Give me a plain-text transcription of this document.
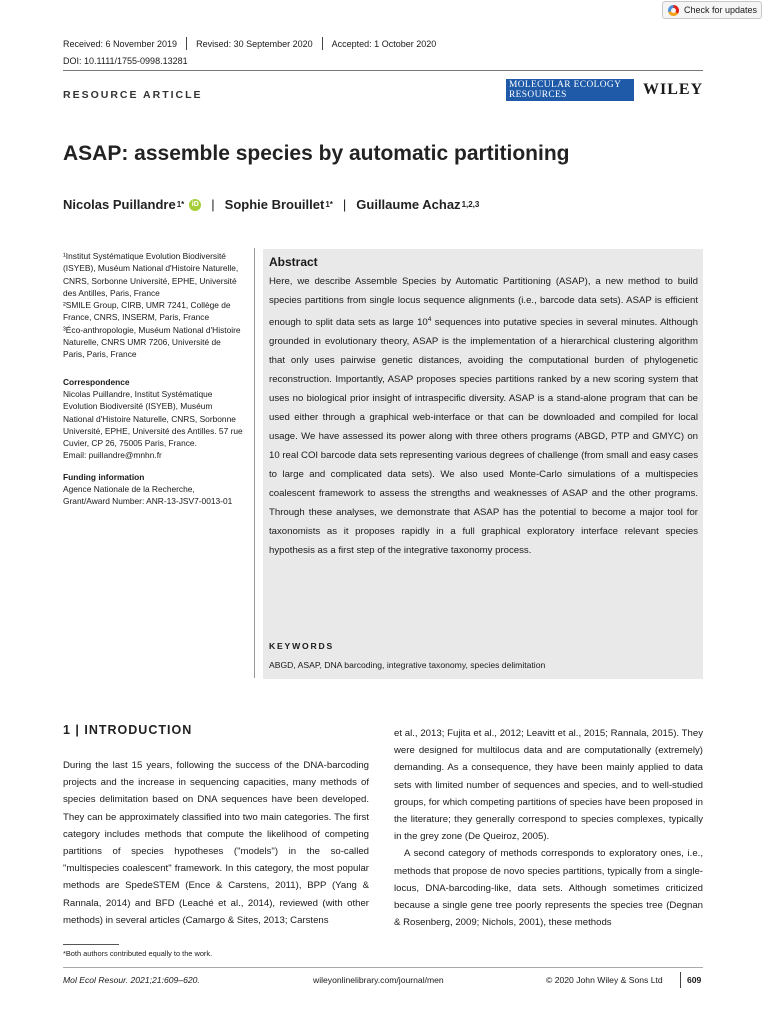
Check for updates
Received: 6 November 2019 Revised: 30 September 2020 Accepted: 1 October 2020
DOI: 10.1111/1755-0998.13281
RESOURCE ARTICLE
MOLECULAR ECOLOGY
RESOURCES	WILEY
ASAP: assemble species by automatic partitioning
Nicolas Puillandre 1*	iD | Sophie Brouillet 1* | Guillaume Achaz 1,2,3

¹Institut Systématique Evolution Biodiversité (ISYEB), Muséum National d'Histoire Naturelle, CNRS, Sorbonne Université, EPHE, Université des Antilles, Paris, France

²SMILE Group, CIRB, UMR 7241, Collège de France, CNRS, INSERM, Paris, France

³Éco-anthropologie, Muséum National d'Histoire Naturelle, CNRS UMR 7206, Université de Paris, Paris, France

Correspondence

Nicolas Puillandre, Institut Systématique Evolution Biodiversité (ISYEB), Muséum National d'Histoire Naturelle, CNRS, Sorbonne Université, EPHE, Université des Antilles. 57 rue Cuvier, CP 26, 75005 Paris, France.

Email: puillandre@mnhn.fr

Funding information

Agence Nationale de la Recherche, Grant/Award Number: ANR-13-JSV7-0013-01

Abstract
Here, we describe Assemble Species by Automatic Partitioning (ASAP), a new method to build species partitions from single locus sequence alignments (i.e., barcode data sets). ASAP is efficient enough to split data sets as large $10^4$ sequences into putative species in several minutes. Although grounded in evolutionary theory, ASAP is the implementation of a hierarchical clustering algorithm that only uses pairwise genetic distances, avoiding the computational burden of phylogenetic reconstruction. Importantly, ASAP proposes species partitions ranked by a new scoring system that uses no biological prior insight of intraspecific diversity. ASAP is a stand-alone program that can be used either through a graphical web-interface or that can be downloaded and compiled for local usage. We have assessed its power along with three others programs (ABGD, PTP and GMYC) on 10 real COI barcode data sets representing various degrees of challenge (from small and easy cases to large and complicated data sets). We also used Monte-Carlo simulations of a multispecies coalescent framework to assess the strengths and weaknesses of ASAP and the other programs. Through these analyses, we demonstrate that ASAP has the potential to become a major tool for taxonomists as it proposes rapidly in a full graphical exploratory interface relevant species hypothesis as a first step of the integrative taxonomy process.
KEYWORDS
ABGD, ASAP, DNA barcoding, integrative taxonomy, species delimitation
1 | INTRODUCTION
During the last 15 years, following the success of the DNA-barcoding projects and the increase in sequencing capacities, many methods of species delimitation based on DNA sequences have been developed. They can be approximately classified into two main categories. The first category includes methods that compute the likelihood of competing partitions of species hypotheses ("models") in the so-called "multispecies coalescent" framework. In this category, the most popular methods are SpedeSTEM (Ence & Carstens, 2011), BPP (Yang & Rannala, 2014) and BFD (Leaché et al., 2014), reviewed (with other methods) in several articles (Camargo & Sites, 2013; Carstens

et al., 2013; Fujita et al., 2012; Leavitt et al., 2015; Rannala, 2015). They were designed for multilocus data and are computationally (extremely) demanding. As a consequence, they have been mainly applied to data sets with limited number of sequences and species, and to well-studied groups, for which competing partitions of species have been proposed in the literature; they generally correspond to species complexes, typically in the grey zone (De Queiroz, 2005).

A second category of methods corresponds to exploratory ones, i.e., methods that propose de novo species partitions, typically from a single-locus, DNA-barcoding-like, data sets. Although sometimes criticized because a single gene tree poorly represents the species tree (Degnan & Rosenberg, 2009; Nichols, 2001), these methods

*Both authors contributed equally to the work.
Mol Ecol Resour. 2021;21:609–620.	wileyonlinelibrary.com/journal/men	© 2020 John Wiley & Sons Ltd	609
